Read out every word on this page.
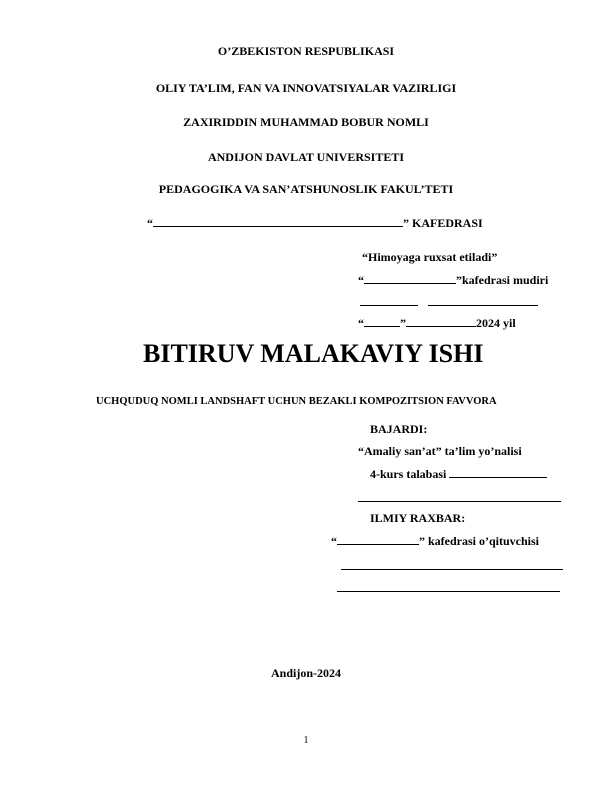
O’ZBEKISTON RESPUBLIKASI
OLIY TA’LIM, FAN VA INNOVATSIYALAR VAZIRLIGI
ZAXIRIDDIN MUHAMMAD BOBUR NOMLI
ANDIJON DAVLAT UNIVERSITETI
PEDAGOGIKA VA SAN’ATSHUNOSLIK FAKUL’TETI
“	” KAFEDRASI
“Himoyaga ruxsat etiladi”
“	”kafedrasi mudiri
“	”	2024 yil
BITIRUV MALAKAVIY ISHI
UCHQUDUQ NOMLI LANDSHAFT UCHUN BEZAKLI KOMPOZITSION FAVVORA
BAJARDI:
“Amaliy san’at” ta’lim yo’nalisi
4-kurs talabasi
ILMIY RAXBAR:
“	” kafedrasi o’qituvchisi
Andijon-2024
1
